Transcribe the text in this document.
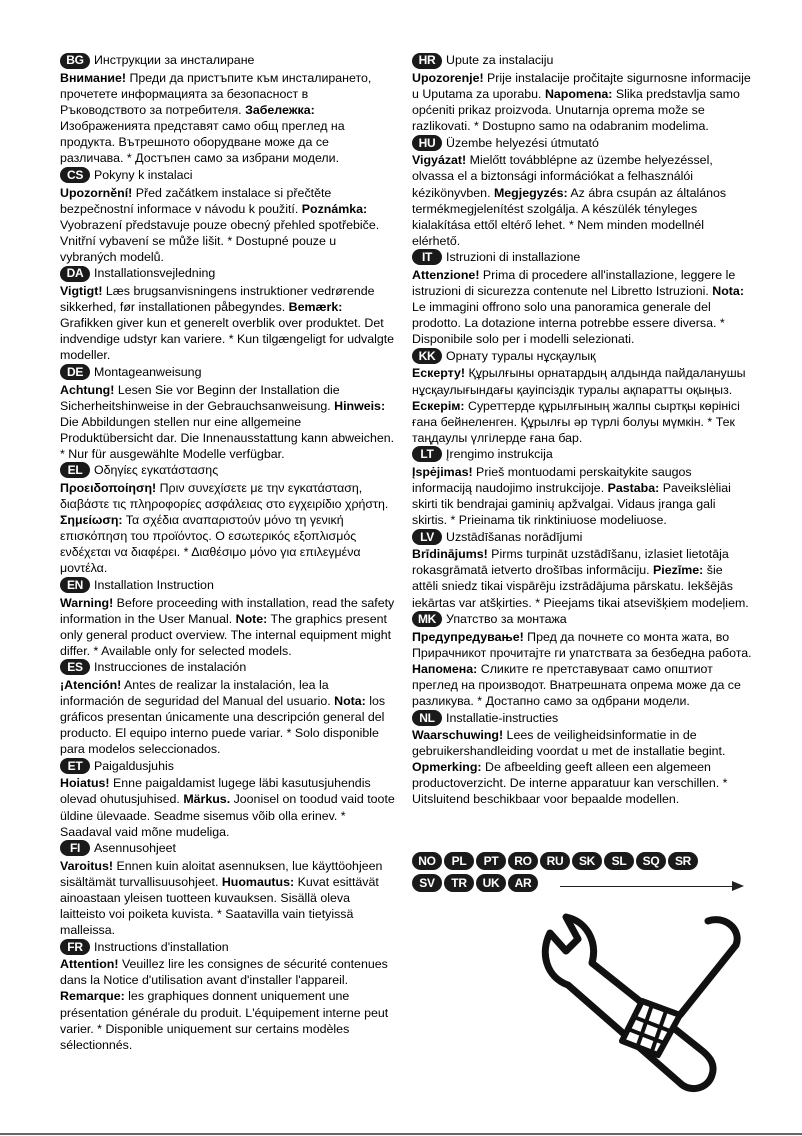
BG Инструкции за инсталиране

Внимание! Преди да пристъпите към инсталирането, прочетете информацията за безопасност в Ръководството за потребителя. Забележка: Изображенията представят само общ преглед на продукта. Вътрешното оборудване може да се различава. * Достъпен само за избрани модели.

CS Pokyny k instalaci

Upozornění! Před začátkem instalace si přečtěte bezpečnostní informace v návodu k použití. Poznámka: Vyobrazení představuje pouze obecný přehled spotřebiče. Vnitřní vybavení se může lišit. * Dostupné pouze u vybraných modelů.

DA Installationsvejledning

Vigtigt! Læs brugsanvisningens instruktioner vedrørende sikkerhed, før installationen påbegyndes. Bemærk: Grafikken giver kun et generelt overblik over produktet. Det indvendige udstyr kan variere. * Kun tilgængeligt for udvalgte modeller.

DE Montageanweisung

Achtung! Lesen Sie vor Beginn der Installation die Sicherheitshinweise in der Gebrauchsanweisung. Hinweis: Die Abbildungen stellen nur eine allgemeine Produktübersicht dar. Die Innenausstattung kann abweichen. * Nur für ausgewählte Modelle verfügbar.

EL Οδηγίες εγκατάστασης

Προειδοποίηση! Πριν συνεχίσετε με την εγκατάσταση, διαβάστε τις πληροφορίες ασφάλειας στο εγχειρίδιο χρήστη. Σημείωση: Τα σχέδια αναπαριστούν μόνο τη γενική επισκόπηση του προϊόντος. Ο εσωτερικός εξοπλισμός ενδέχεται να διαφέρει. * Διαθέσιμο μόνο για επιλεγμένα μοντέλα.

EN Installation Instruction

Warning! Before proceeding with installation, read the safety information in the User Manual. Note: The graphics present only general product overview. The internal equipment might differ. * Available only for selected models.

ES Instrucciones de instalación

¡Atención! Antes de realizar la instalación, lea la información de seguridad del Manual del usuario. Nota: los gráficos presentan únicamente una descripción general del producto. El equipo interno puede variar. * Solo disponible para modelos seleccionados.

ET Paigaldusjuhis

Hoiatus! Enne paigaldamist lugege läbi kasutusjuhendis olevad ohutusjuhised. Märkus. Joonisel on toodud vaid toote üldine ülevaade. Seadme sisemus võib olla erinev. * Saadaval vaid mõne mudeliga.

FI	Asennusohjeet

Varoitus! Ennen kuin aloitat asennuksen, lue käyttöohjeen sisältämät turvallisuusohjeet. Huomautus: Kuvat esittävät ainoastaan yleisen tuotteen kuvauksen. Sisällä oleva laitteisto voi poiketa kuvista. * Saatavilla vain tietyissä malleissa.

FR Instructions d'installation

Attention! Veuillez lire les consignes de sécurité contenues dans la Notice d'utilisation avant d'installer l'appareil. Remarque: les graphiques donnent uniquement une présentation générale du produit. L'équipement interne peut varier. * Disponible uniquement sur certains modèles sélectionnés.

HR Upute za instalaciju

Upozorenje! Prije instalacije pročitajte sigurnosne informacije u Uputama za uporabu. Napomena: Slika predstavlja samo općeniti prikaz proizvoda. Unutarnja oprema može se razlikovati. * Dostupno samo na odabranim modelima.

HU Üzembe helyezési útmutató

Vigyázat! Mielőtt továbblépne az üzembe helyezéssel, olvassa el a biztonsági információkat a felhasználói kézikönyvben. Megjegyzés: Az ábra csupán az általános termékmegjelenítést szolgálja. A készülék tényleges kialakítása ettől eltérő lehet. * Nem minden modellnél elérhető.

IT	Istruzioni di installazione

Attenzione! Prima di procedere all'installazione, leggere le istruzioni di sicurezza contenute nel Libretto Istruzioni. Nota: Le immagini offrono solo una panoramica generale del prodotto. La dotazione interna potrebbe essere diversa. * Disponibile solo per i modelli selezionati.

KK Орнату туралы нұсқаулық

Ескерту! Құрылғыны орнатардың алдында пайдаланушы нұсқаулығындағы қауіпсіздік туралы ақпаратты оқыңыз. Ескерім: Суреттерде құрылғының жалпы сыртқы көрінісі ғана бейнеленген. Құрылғы әр түрлі болуы мүмкін. * Тек таңдаулы үлгілерде ғана бар.

LT	Įrengimo instrukcija

Įspėjimas! Prieš montuodami perskaitykite saugos informaciją naudojimo instrukcijoje. Pastaba: Paveikslėliai skirti tik bendrajai gaminių apžvalgai. Vidaus įranga gali skirtis. * Prieinama tik rinktiniuose modeliuose.

LV Uzstādīšanas norādījumi

Brīdinājums! Pirms turpināt uzstādīšanu, izlasiet lietotāja rokasgrāmatā ietverto drošības informāciju. Piezīme: šie attēli sniedz tikai vispārēju izstrādājuma pārskatu. Iekšējās iekārtas var atšķirties. * Pieejams tikai atsevišķiem modeļiem.

MK Упатство за монтажа

Предупредување! Пред да почнете со монта жата, во Прирачникот прочитајте ги упатствата за безбедна работа. Напомена: Сликите ге претставуваат само општиот преглед на производот. Внатрешната опрема може да се разликува. * Достапно само за одбрани модели.

NL Installatie-instructies

Waarschuwing! Lees de veiligheidsinformatie in de gebruikershandleiding voordat u met de installatie begint. Opmerking: De afbeelding geeft alleen een algemeen productoverzicht. De interne apparatuur kan verschillen. * Uitsluitend beschikbaar voor bepaalde modellen.

NO	PL	PT	RO	RU	SK	SL	SQ	SR
SV	TR	UK	AR
